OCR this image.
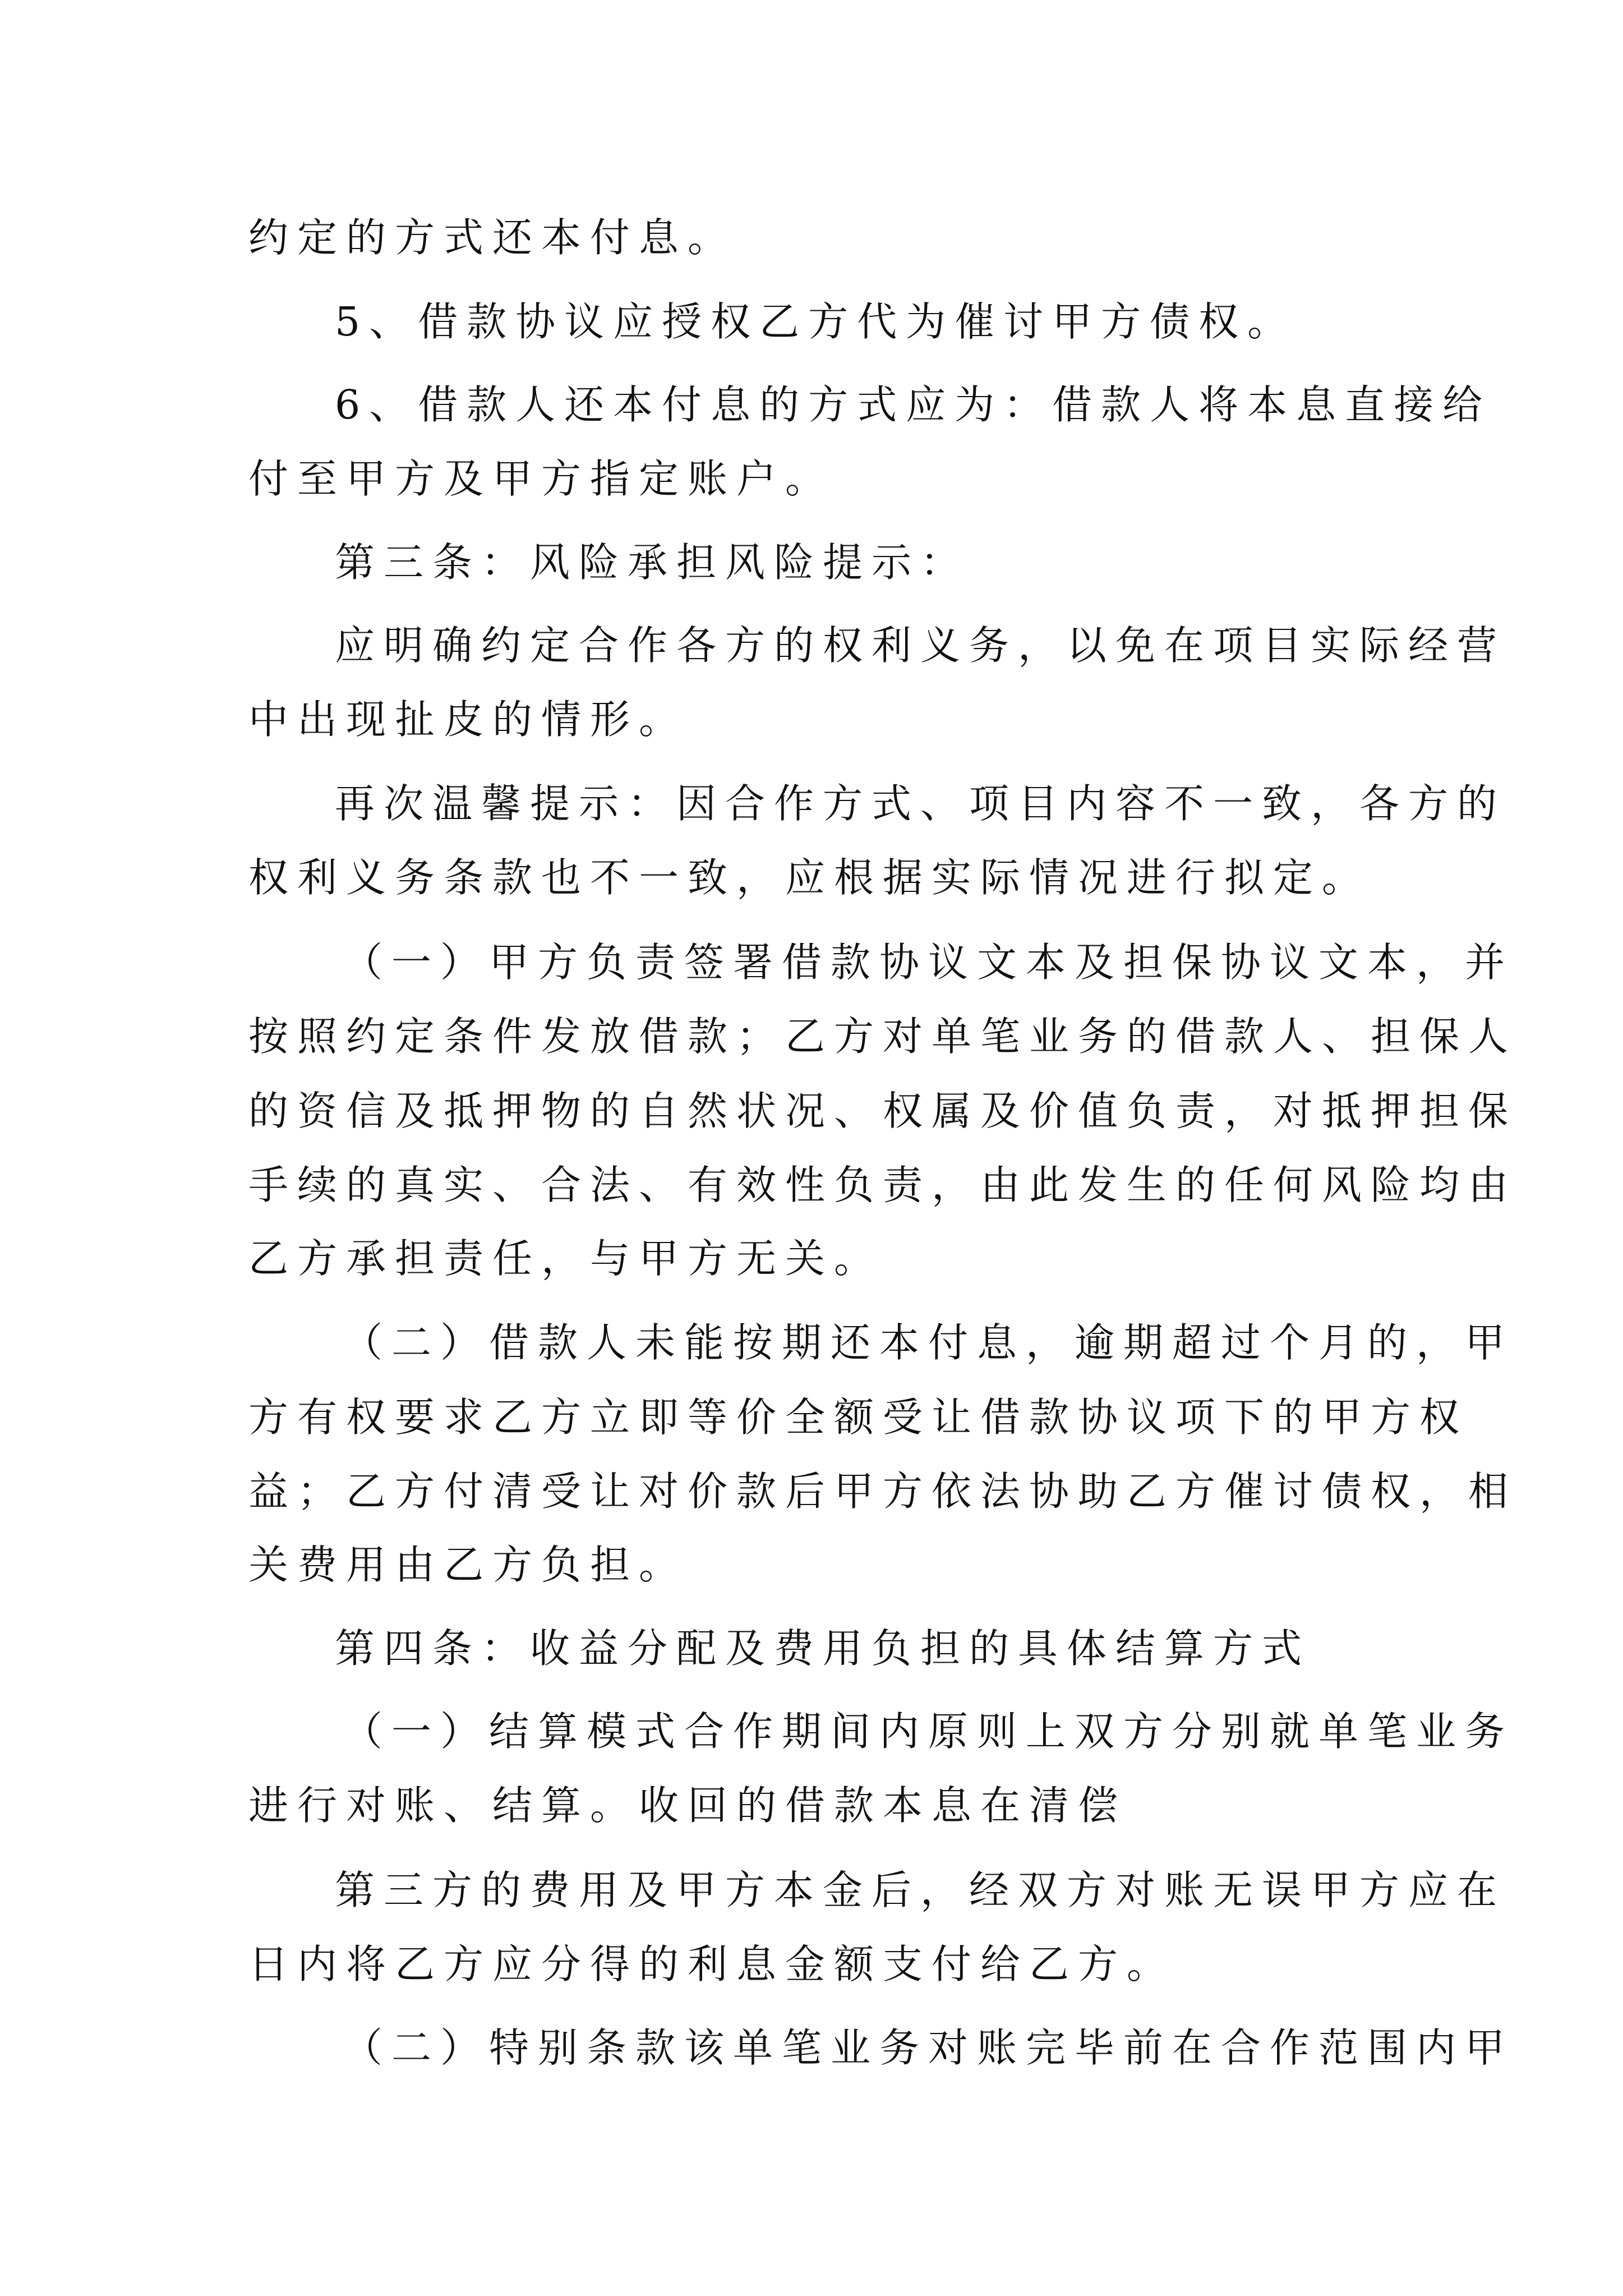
约定的方式还本付息。

5、借款协议应授权乙方代为催讨甲方债权。

6、借款人还本付息的方式应为：借款人将本息直接给

付至甲方及甲方指定账户。

第三条：风险承担风险提示：

应明确约定合作各方的权利义务，以免在项目实际经营

中出现扯皮的情形。

再次温馨提示：因合作方式、项目内容不一致，各方的

权利义务条款也不一致，应根据实际情况进行拟定。

（一）甲方负责签署借款协议文本及担保协议文本，并

按照约定条件发放借款；乙方对单笔业务的借款人、担保人

的资信及抵押物的自然状况、权属及价值负责，对抵押担保

手续的真实、合法、有效性负责，由此发生的任何风险均由

乙方承担责任，与甲方无关。

（二）借款人未能按期还本付息，逾期超过个月的，甲

方有权要求乙方立即等价全额受让借款协议项下的甲方权

益；乙方付清受让对价款后甲方依法协助乙方催讨债权，相

关费用由乙方负担。

第四条：收益分配及费用负担的具体结算方式

（一）结算模式合作期间内原则上双方分别就单笔业务

进行对账、结算。收回的借款本息在清偿

第三方的费用及甲方本金后，经双方对账无误甲方应在

日内将乙方应分得的利息金额支付给乙方。

（二）特别条款该单笔业务对账完毕前在合作范围内甲
